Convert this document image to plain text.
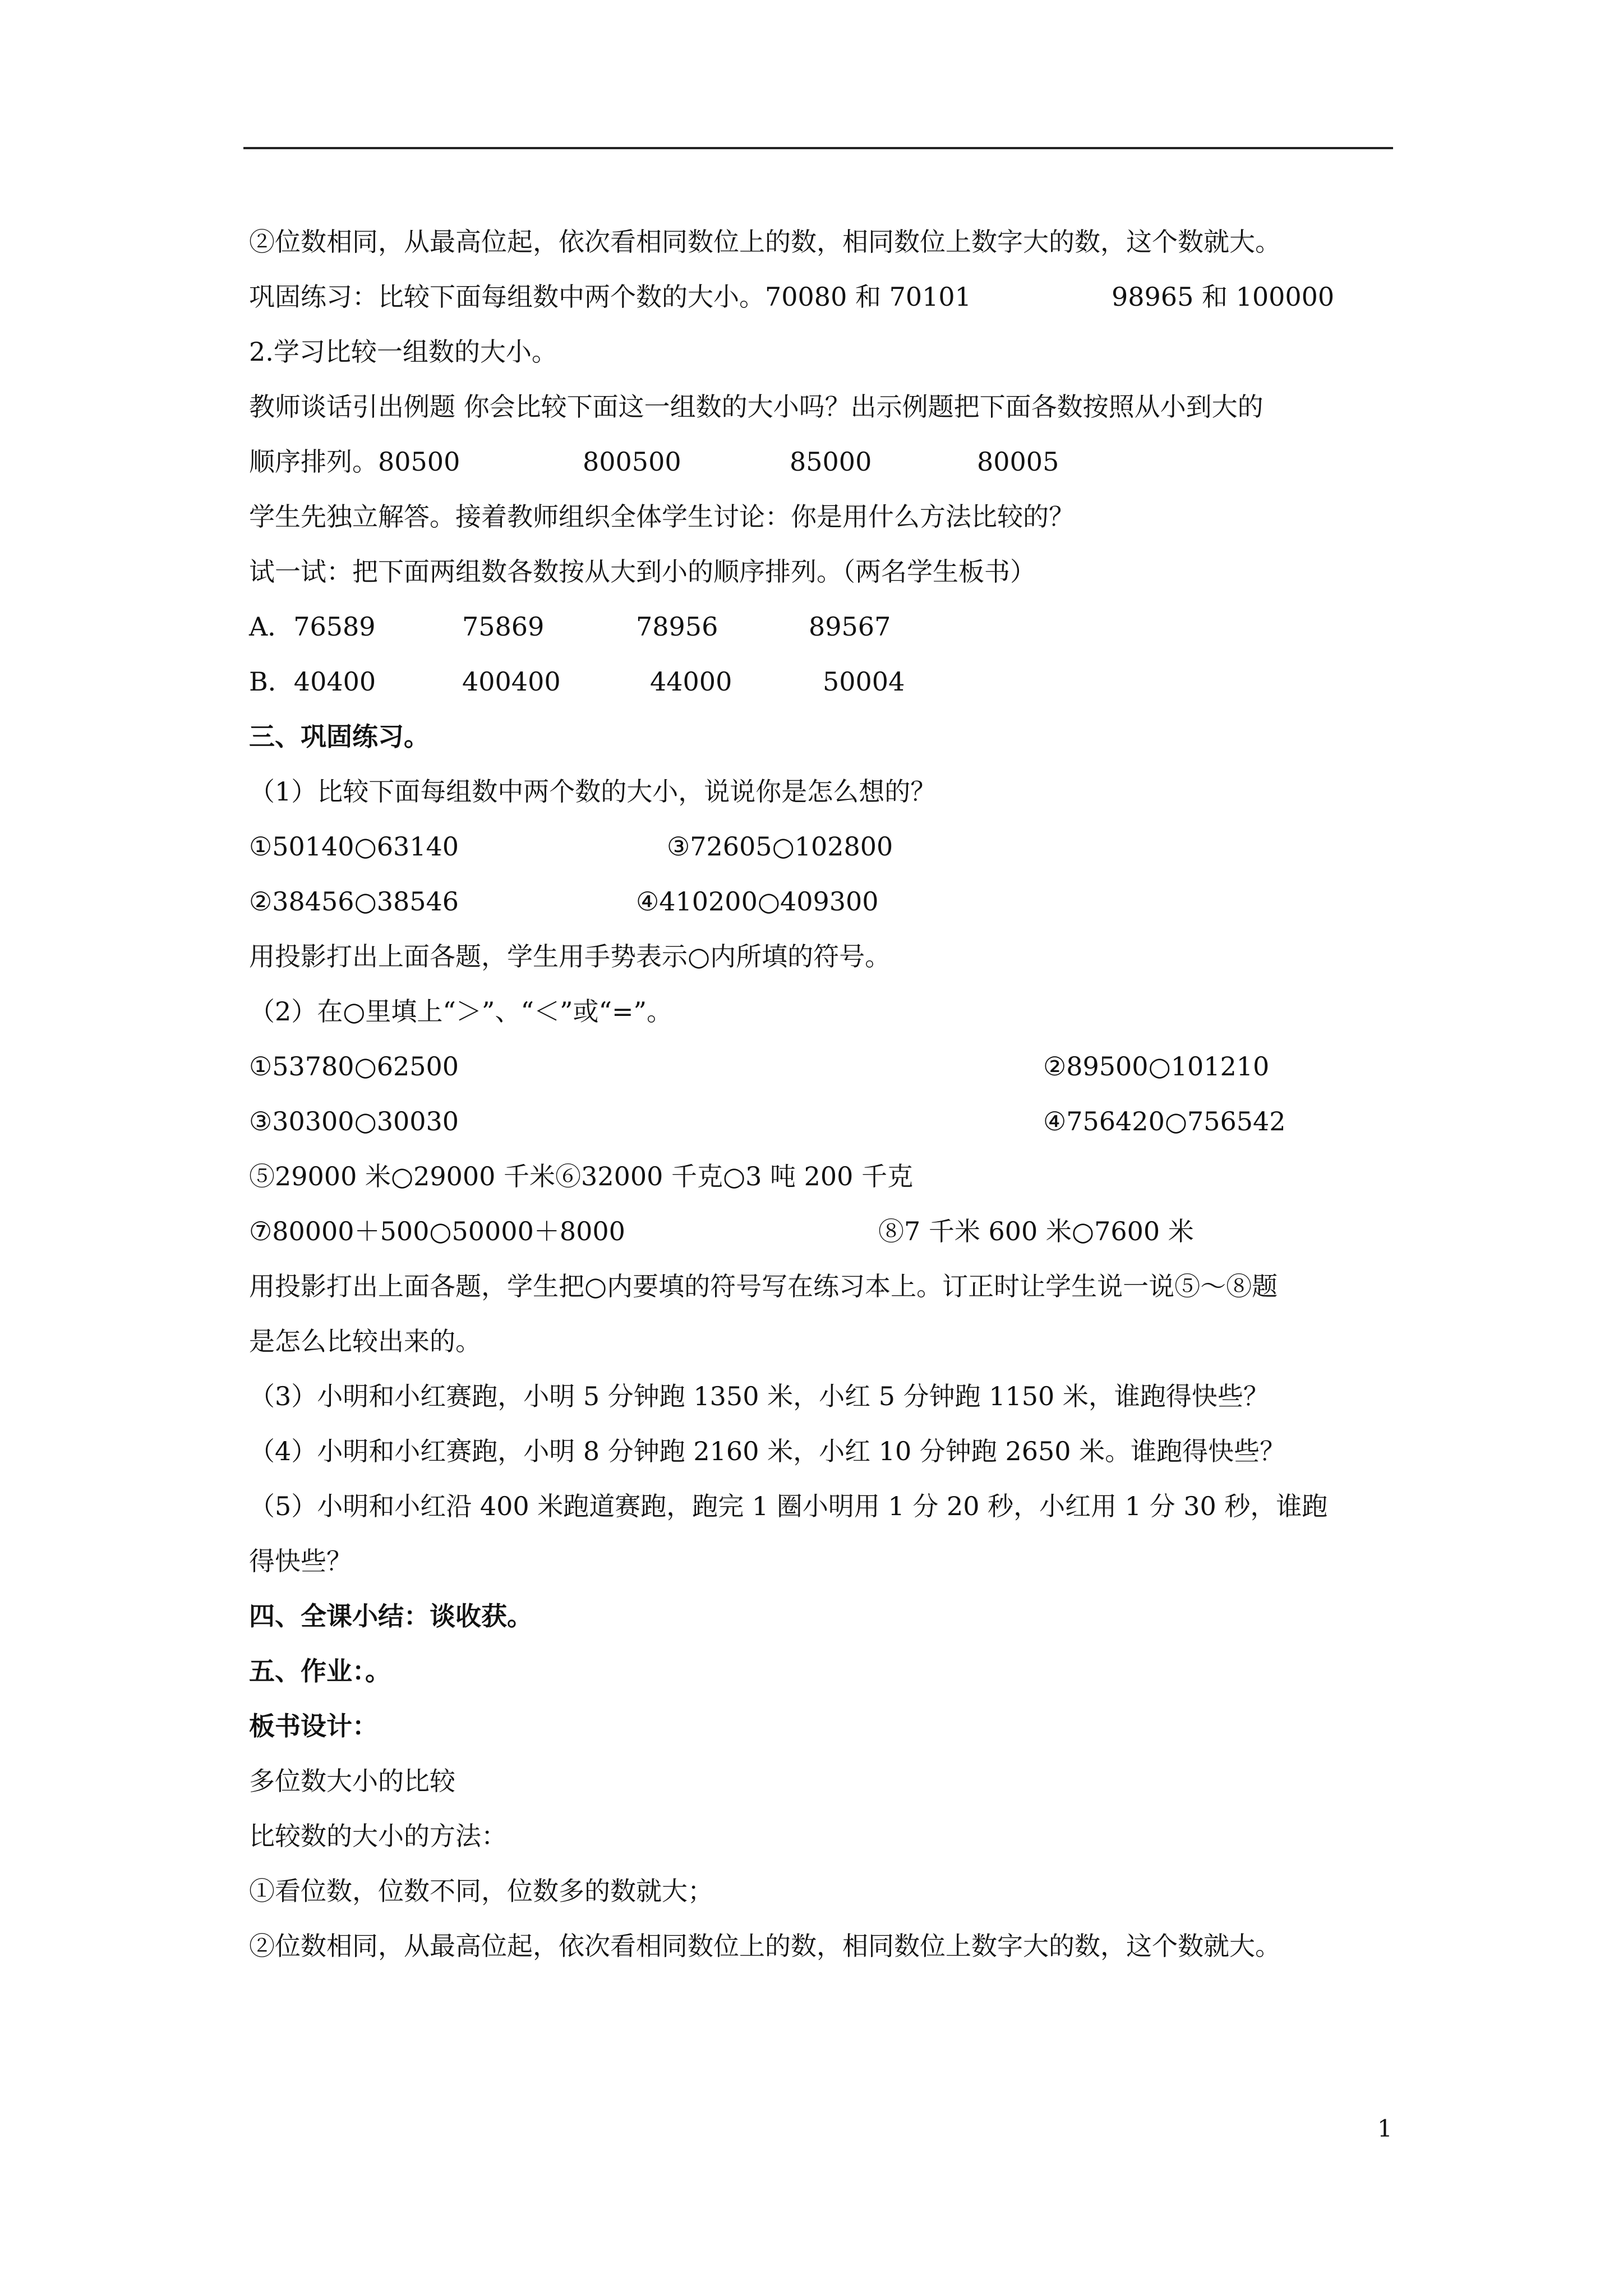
②位数相同，从最高位起，依次看相同数位上的数，相同数位上数字大的数，这个数就大。
巩固练习：比较下面每组数中两个数的大小。70080 和 70101	98965 和 100000
2.学习比较一组数的大小。
教师谈话引出例题 你会比较下面这一组数的大小吗？出示例题把下面各数按照从小到大的
顺序排列。80500	800500	85000	80005
学生先独立解答。接着教师组织全体学生讨论：你是用什么方法比较的？
试一试：把下面两组数各数按从大到小的顺序排列。（两名学生板书）
A．76589	75869	78956	89567
B．40400	400400	44000	50004
三、巩固练习。
（1）比较下面每组数中两个数的大小，说说你是怎么想的？
①50140○63140	③72605○102800
②38456○38546	④410200○409300
用投影打出上面各题，学生用手势表示○内所填的符号。
（2）在○里填上“＞”、“＜”或“=”。
①53780○62500	②89500○101210
③30300○30030	④756420○756542
⑤29000 米○29000 千米⑥32000 千克○3 吨 200 千克
⑦80000＋500○50000＋8000	⑧7 千米 600 米○7600 米
用投影打出上面各题，学生把○内要填的符号写在练习本上。订正时让学生说一说⑤～⑧题
是怎么比较出来的。
（3）小明和小红赛跑，小明 5 分钟跑 1350 米，小红 5 分钟跑 1150 米，谁跑得快些？
（4）小明和小红赛跑，小明 8 分钟跑 2160 米，小红 10 分钟跑 2650 米。谁跑得快些？
（5）小明和小红沿 400 米跑道赛跑，跑完 1 圈小明用 1 分 20 秒，小红用 1 分 30 秒，谁跑
得快些？
四、全课小结：谈收获。
五、作业：。
板书设计：
多位数大小的比较
比较数的大小的方法：
①看位数，位数不同，位数多的数就大；
②位数相同，从最高位起，依次看相同数位上的数，相同数位上数字大的数，这个数就大。
1
